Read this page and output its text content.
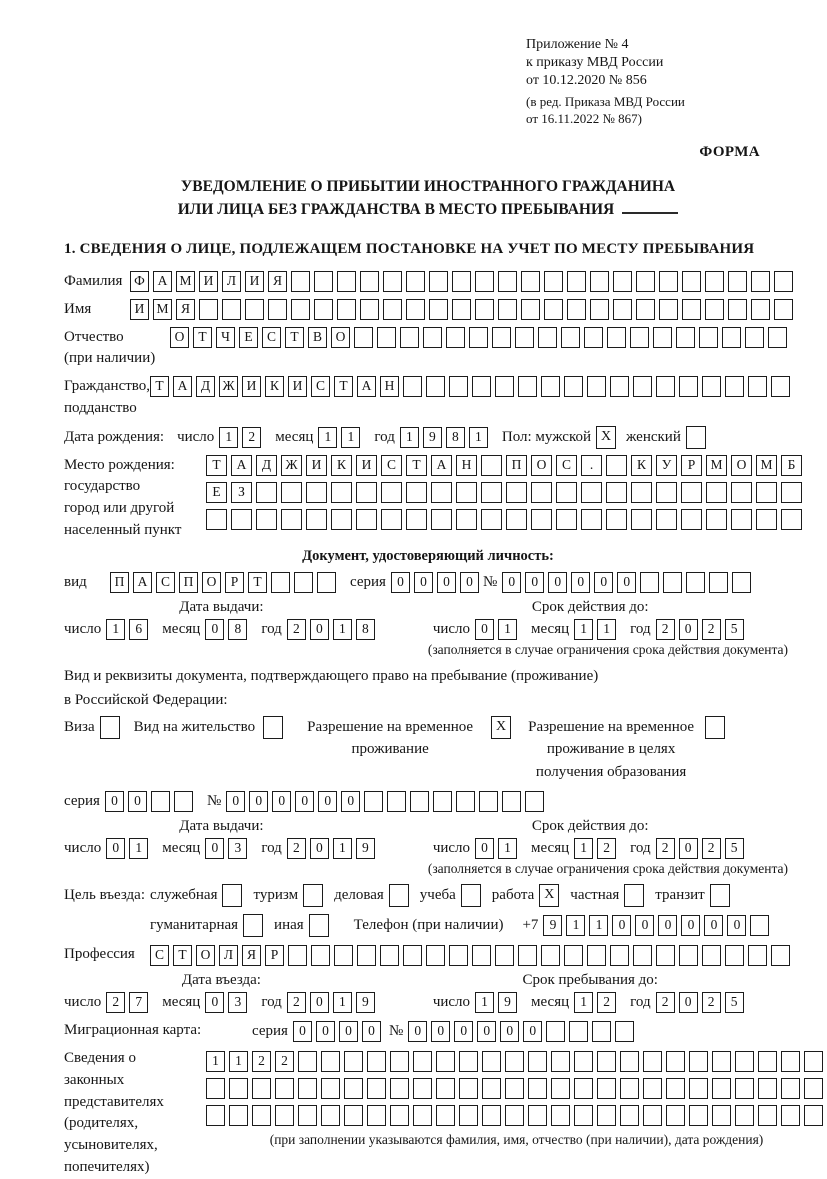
Приложение № 4
к приказу МВД России
от 10.12.2020 № 856
(в ред. Приказа МВД России
от 16.11.2022 № 867)
ФОРМА
УВЕДОМЛЕНИЕ О ПРИБЫТИИ ИНОСТРАННОГО ГРАЖДАНИНА
ИЛИ ЛИЦА БЕЗ ГРАЖДАНСТВА В МЕСТО ПРЕБЫВАНИЯ
1. СВЕДЕНИЯ О ЛИЦЕ, ПОДЛЕЖАЩЕМ ПОСТАНОВКЕ НА УЧЕТ ПО МЕСТУ ПРЕБЫВАНИЯ
Фамилия Ф А М И Л И Я
Имя	И М Я
Отчество
(при наличии)
О Т Ч Е С Т В О
Гражданство,
подданство
Т А Д Ж И К И С Т А Н
Дата рождения: число 1 2	месяц 1 1	год 1 9 8 1	Пол: мужской X женский
Место рождения:
государство
город или другой
населенный пункт
Т А Д Ж И К И С Т А Н	П О С .	К У Р М О М Б
Е З
Документ, удостоверяющий личность:
вид	П А С П О Р Т	серия 0 0 0 0 № 0 0 0 0 0 0
Дата выдачи:
число 1 6	месяц 0 8	год 2 0 1 8
Срок действия до:
число 0 1	месяц 1 1	год 2 0 2 5
(заполняется в случае ограничения срока действия документа)
Вид и реквизиты документа, подтверждающего право на пребывание (проживание)
в Российской Федерации:
Виза	Вид на жительство	Разрешение на временное проживание
X	Разрешение на временное проживание в целях получения образования
серия 0 0	№ 0 0 0 0 0 0
Дата выдачи:
число 0 1	месяц 0 3	год 2 0 1 9
Срок действия до:
число 0 1	месяц 1 2	год 2 0 2 5
(заполняется в случае ограничения срока действия документа)
Цель въезда: служебная туризм деловая учеба работа X	частная транзит
гуманитарная иная	Телефон (при наличии) +7 9 1 1 0 0 0 0 0 0
Профессия	С Т О Л Я Р
Дата въезда:
число 2 7	месяц 0 3	год 2 0 1 9
Срок пребывания до:
число 1 9	месяц 1 2	год 2 0 2 5
Миграционная карта:	серия 0 0 0 0 № 0 0 0 0 0 0
Сведения о
законных
представителях
(родителях,
усыновителях,
попечителях)
1 1 2 2
(при заполнении указываются фамилия, имя, отчество (при наличии), дата рождения)
